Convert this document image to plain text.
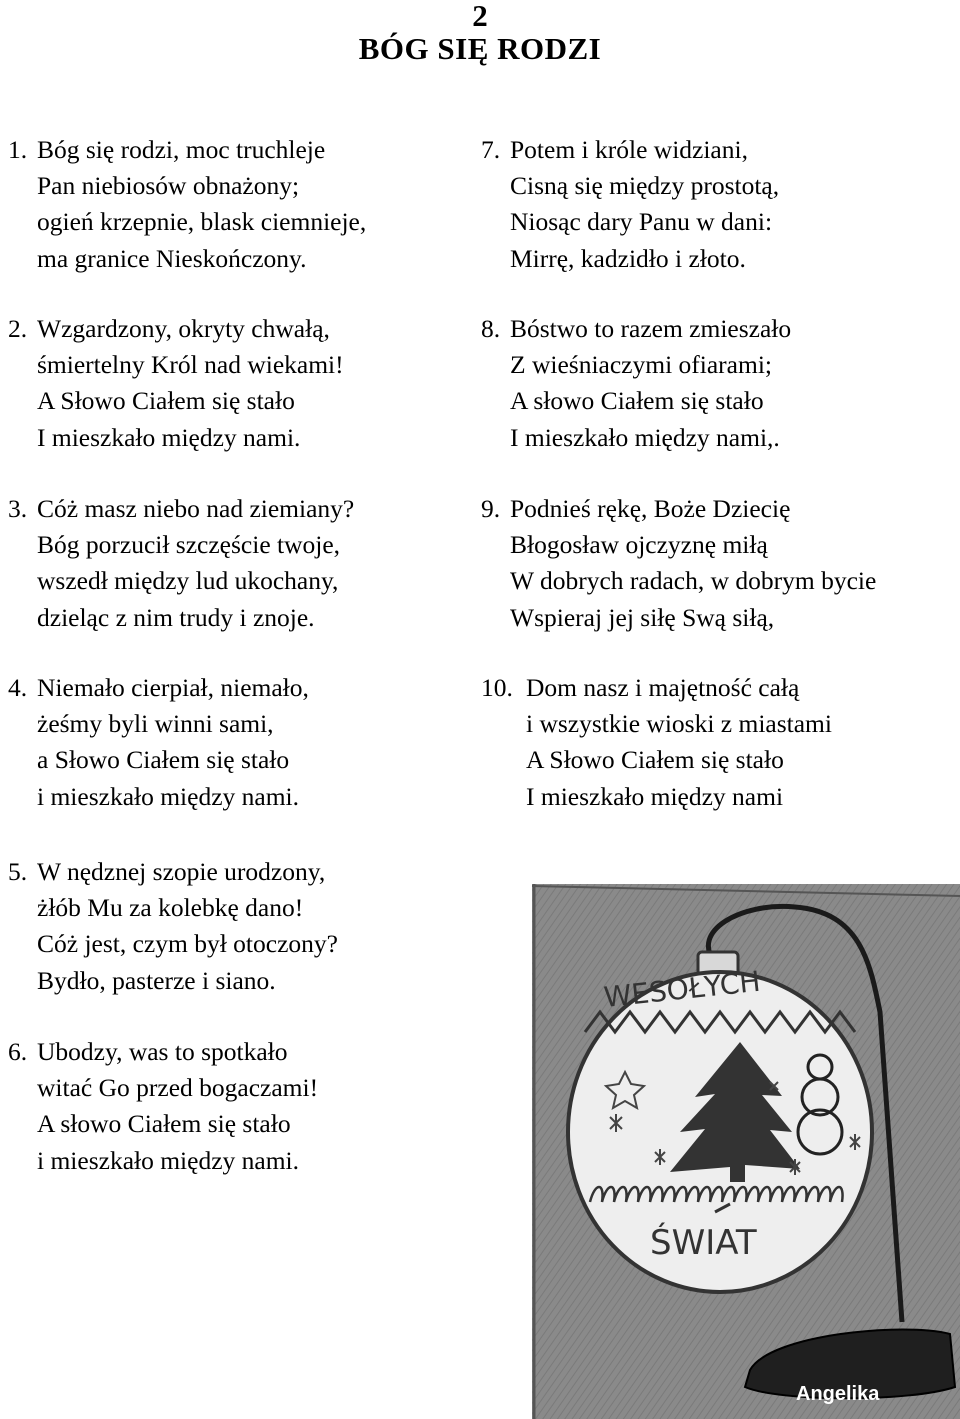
2
BÓG SIĘ RODZI
1. Bóg się rodzi, moc truchleje
Pan niebiosów obnażony;
ogień krzepnie, blask ciemnieje,
ma granice Nieskończony.
2. Wzgardzony, okryty chwałą,
śmiertelny Król nad wiekami!
A Słowo Ciałem się stało
I mieszkało między nami.
3. Cóż masz niebo nad ziemiany?
Bóg porzucił szczęście twoje,
wszedł między lud ukochany,
dzieląc z nim trudy i znoje.
4. Niemało cierpiał, niemało,
żeśmy byli winni sami,
a Słowo Ciałem się stało
i mieszkało między nami.
5. W nędznej szopie urodzony,
żłób Mu za kolebkę dano!
Cóż jest, czym był otoczony?
Bydło, pasterze i siano.
6. Ubodzy, was to spotkało
witać Go przed bogaczami!
A słowo Ciałem się stało
i mieszkało między nami.
7. Potem i króle widziani,
Cisną się między prostotą,
Niosąc dary Panu w dani:
Mirrę, kadzidło i złoto.
8. Bóstwo to razem zmieszało
Z wieśniaczymi ofiarami;
A słowo Ciałem się stało
I mieszkało między nami,.
9. Podnieś rękę, Boże Dziecię
Błogosław ojczyznę miłą
W dobrych radach, w dobrym bycie
Wspieraj jej siłę Swą siłą,
10. Dom nasz i majętność całą
i wszystkie wioski z miastami
A Słowo Ciałem się stało
I mieszkało między nami
WESOŁYCH
ŚWIAT
Angelika
